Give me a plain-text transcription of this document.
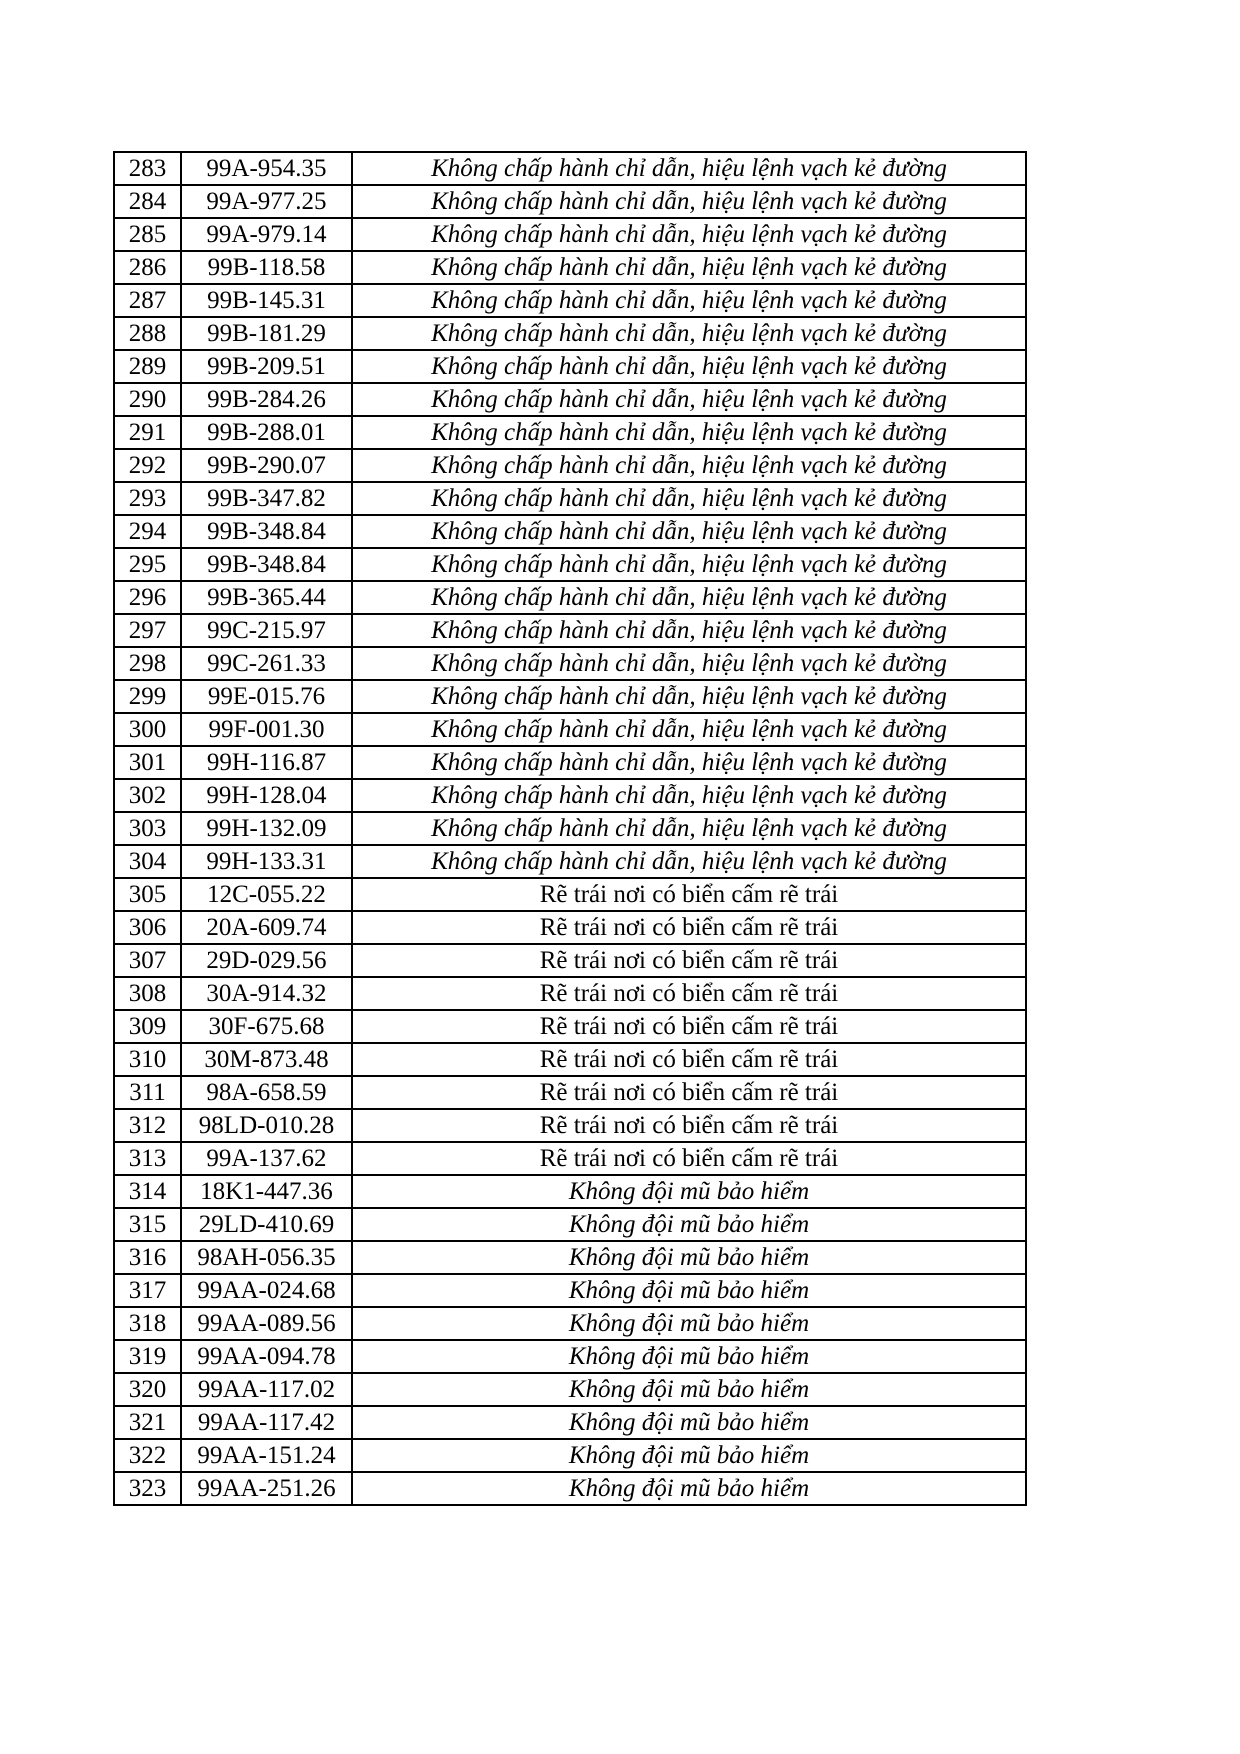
283	99A-954.35	Không chấp hành chỉ dẫn, hiệu lệnh vạch kẻ đường
284	99A-977.25	Không chấp hành chỉ dẫn, hiệu lệnh vạch kẻ đường
285	99A-979.14	Không chấp hành chỉ dẫn, hiệu lệnh vạch kẻ đường
286	99B-118.58	Không chấp hành chỉ dẫn, hiệu lệnh vạch kẻ đường
287	99B-145.31	Không chấp hành chỉ dẫn, hiệu lệnh vạch kẻ đường
288	99B-181.29	Không chấp hành chỉ dẫn, hiệu lệnh vạch kẻ đường
289	99B-209.51	Không chấp hành chỉ dẫn, hiệu lệnh vạch kẻ đường
290	99B-284.26	Không chấp hành chỉ dẫn, hiệu lệnh vạch kẻ đường
291	99B-288.01	Không chấp hành chỉ dẫn, hiệu lệnh vạch kẻ đường
292	99B-290.07	Không chấp hành chỉ dẫn, hiệu lệnh vạch kẻ đường
293	99B-347.82	Không chấp hành chỉ dẫn, hiệu lệnh vạch kẻ đường
294	99B-348.84	Không chấp hành chỉ dẫn, hiệu lệnh vạch kẻ đường
295	99B-348.84	Không chấp hành chỉ dẫn, hiệu lệnh vạch kẻ đường
296	99B-365.44	Không chấp hành chỉ dẫn, hiệu lệnh vạch kẻ đường
297	99C-215.97	Không chấp hành chỉ dẫn, hiệu lệnh vạch kẻ đường
298	99C-261.33	Không chấp hành chỉ dẫn, hiệu lệnh vạch kẻ đường
299	99E-015.76	Không chấp hành chỉ dẫn, hiệu lệnh vạch kẻ đường
300	99F-001.30	Không chấp hành chỉ dẫn, hiệu lệnh vạch kẻ đường
301	99H-116.87	Không chấp hành chỉ dẫn, hiệu lệnh vạch kẻ đường
302	99H-128.04	Không chấp hành chỉ dẫn, hiệu lệnh vạch kẻ đường
303	99H-132.09	Không chấp hành chỉ dẫn, hiệu lệnh vạch kẻ đường
304	99H-133.31	Không chấp hành chỉ dẫn, hiệu lệnh vạch kẻ đường
305	12C-055.22	Rẽ trái nơi có biển cấm rẽ trái
306	20A-609.74	Rẽ trái nơi có biển cấm rẽ trái
307	29D-029.56	Rẽ trái nơi có biển cấm rẽ trái
308	30A-914.32	Rẽ trái nơi có biển cấm rẽ trái
309	30F-675.68	Rẽ trái nơi có biển cấm rẽ trái
310	30M-873.48	Rẽ trái nơi có biển cấm rẽ trái
311	98A-658.59	Rẽ trái nơi có biển cấm rẽ trái
312	98LD-010.28	Rẽ trái nơi có biển cấm rẽ trái
313	99A-137.62	Rẽ trái nơi có biển cấm rẽ trái
314	18K1-447.36	Không đội mũ bảo hiểm
315	29LD-410.69	Không đội mũ bảo hiểm
316	98AH-056.35	Không đội mũ bảo hiểm
317	99AA-024.68	Không đội mũ bảo hiểm
318	99AA-089.56	Không đội mũ bảo hiểm
319	99AA-094.78	Không đội mũ bảo hiểm
320	99AA-117.02	Không đội mũ bảo hiểm
321	99AA-117.42	Không đội mũ bảo hiểm
322	99AA-151.24	Không đội mũ bảo hiểm
323	99AA-251.26	Không đội mũ bảo hiểm
